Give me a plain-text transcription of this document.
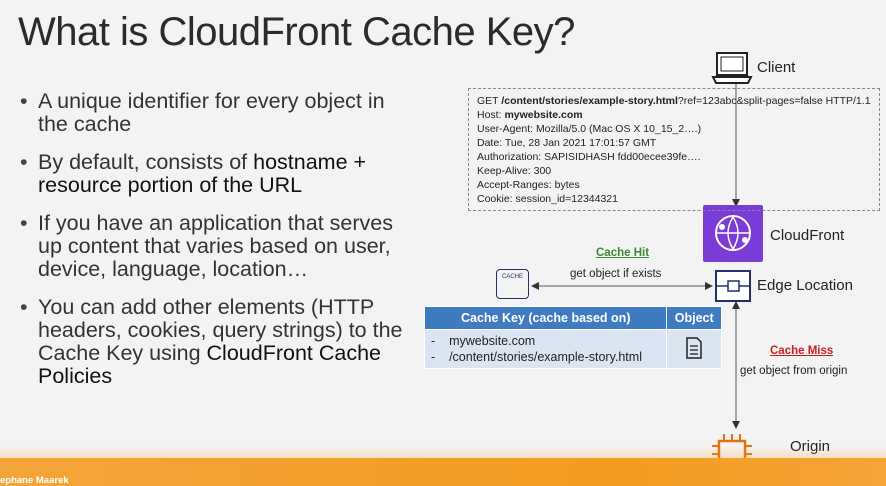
What is CloudFront Cache Key?
• A unique identifier for every object in the cache
• By default, consists of hostname + resource portion of the URL
• If you have an application that serves up content that varies based on user, device, language, location…
• You can add other elements (HTTP headers, cookies, query strings) to the Cache Key using CloudFront Cache Policies
GET /content/stories/example-story.html?ref=123abc&split-pages=false HTTP/1.1
Host: mywebsite.com
User-Agent: Mozilla/5.0 (Mac OS X 10_15_2….)
Date: Tue, 28 Jan 2021 17:01:57 GMT
Authorization: SAPISIDHASH fdd00ecee39fe….
Keep-Alive: 300
Accept-Ranges: bytes
Cookie: session_id=12344321
Client
CloudFront
Edge Location
CACHE
Cache Hit
get object if exists
Cache Miss
get object from origin
Cache Key (cache based on)	Object

- mywebsite.com
- /content/stories/example-story.html

ephane Maarek
